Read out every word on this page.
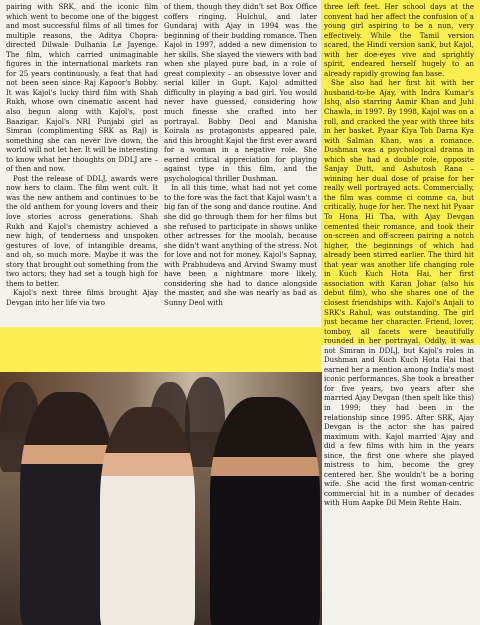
pairing with SRK, and the iconic film which went to become one of the biggest and most successful films of all times for multiple reasons, the Aditya Chopra-directed Dilwale Dulhania Le Jayenge. The film, which carried unimaginable figures in the international markets ran for 25 years continuously, a feat that had not been seen since Raj Kapoor's Bobby. It was Kajol's lucky third film with Shah Rukh, whose own cinematic ascent had also begun along with Kajol's, post Baazigar. Kajol's NRI Punjabi girl as Simran (complimenting SRK as Raj) is something she can never live down, the world will not let her. It will be interesting to know what her thoughts on DDLJ are – of then and now.

Post the release of DDLJ, awards were now hers to claim. The film went cult. It was the new anthem and continues to be the old anthem for young lovers and their love stories across generations. Shah Rukh and Kajol's chemistry achieved a new high, of tenderness and unspoken gestures of love, of intangible dreams, and oh, so much more. Maybe it was the story that brought out something from the two actors; they had set a tough high for them to better.

Kajol's next three films brought Ajay Devgan into her life via two

of them, though they didn't set Box Office coffers ringing. Hulchul, and later Gundaraj with Ajay in 1994 was the beginning of their budding romance. Then Kajol in 1997, added a new dimension to her skills. She slayed the viewers with bad when she played pure bad, in a role of great complexity – an obsessive lover and serial killer in Gupt. Kajol admitted difficulty in playing a bad girl. You would never have guessed, considering how much finesse she crafted into her portrayal. Bobby Deol and Manisha Koirala as protagonists appeared pale, and this brought Kajol the first ever award for a woman in a negative role. She earned critical appreciation for playing against type in this film, and the psychological thriller Dushman.

In all this time, what had not yet come to the fore was the fact that Kajol wasn't a big fan of the song and dance routine. And she did go through them for her films but she refused to participate in shows unlike other actresses for the moolah, because she didn't want anything of the stress. Not for love and not for money. Kajol's Sapnay, with Prabhudeva and Arvind Swamy must have been a nightmare more likely, considering she had to dance alongside the master, and she was nearly as bad as Sunny Deol with

three left feet. Her school days at the convent had her affect the confusion of a young girl aspiring to be a nun, very effectively. While the Tamil version scared, the Hindi version sank, but Kajol, with her doe-eyes vive and sprightly spirit, endeared herself hugely to an already rapidly growing fan base.

She also had her first hit with her husband-to-be Ajay, with Indra Kumar's Ishq, also starring Aamir Khan and Juhi Chawla, in 1997. By 1998, Kajol was on a roll, and cracked the year with three hits in her basket. Pyaar Kiya Toh Darna Kya with Salman Khan, was a romance. Dushman was a psychological drama in which she had a double role, opposite Sanjay Dutt, and Ashutosh Rana – winning her dual dose of praise for her really well portrayed acts. Commercially, the film was comme ci comme ca, but critically, huge for her. The next hit Pyaar To Hona Hi Tha, with Ajay Devgan cemented their romance, and took their on-screen and off-screen pairing a notch higher, the beginnings of which had already been stirred earlier. The third hit that year was another life changing role in Kuch Kuch Hota Hai, her first association with Karan Johar (also his debut film), who she shares one of the closest friendships with. Kajol's Anjali to SRK's Rahul, was outstanding. The girl just became her character. Friend, lover, tomboy, all facets were beautifully rounded in her portrayal. Oddly, it was not Simran in DDLJ, but Kajol's roles in Dushman and Kuch Kuch Hota Hai that earned her a mention among India's most iconic performances. She took a breather for five years, two years after she married Ajay Devgan (then spelt like this) in 1999; they had been in the relationship since 1995. After SRK, Ajay Devgan is the actor she has paired maximum with. Kajol married Ajay and did a few films with him in the years since, the first one where she played mistress to him, become the grey centered her. She wouldn't be a boring wife. She acid the first woman-centric commercial hit in a number of decades with Hum Aapke Dil Mein Rehte Hain.
